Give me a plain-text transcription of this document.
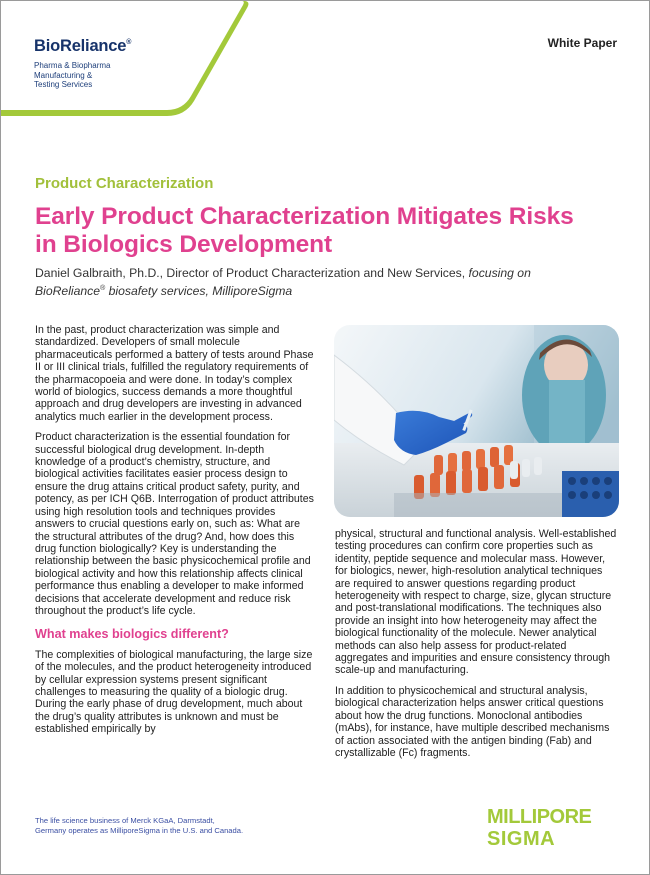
BioReliance®
Pharma & Biopharma
Manufacturing &
Testing Services
White Paper
Product Characterization
Early Product Characterization Mitigates Risks in Biologics Development
Daniel Galbraith, Ph.D., Director of Product Characterization and New Services, focusing on BioReliance® biosafety services, MilliporeSigma

In the past, product characterization was simple and standardized. Developers of small molecule pharmaceuticals performed a battery of tests around Phase II or III clinical trials, fulfilled the regulatory requirements of the pharmacopoeia and were done. In today’s complex world of biologics, success demands a more thoughtful approach and drug developers are investing in advanced analytics much earlier in the development process.

Product characterization is the essential foundation for successful biological drug development. In-depth knowledge of a product’s chemistry, structure, and biological activities facilitates easier process design to ensure the drug attains critical product safety, purity, and potency, as per ICH Q6B. Interrogation of product attributes using high resolution tools and techniques provides answers to crucial questions early on, such as: What are the structural attributes of the drug? And, how does this drug function biologically? Key is understanding the relationship between the basic physicochemical profile and biological activity and how this relationship affects clinical performance thus enabling a developer to make informed decisions that accelerate development and reduce risk throughout the product’s life cycle.

What makes biologics different?

The complexities of biological manufacturing, the large size of the molecules, and the product heterogeneity introduced by cellular expression systems present significant challenges to measuring the quality of a biologic drug. During the early phase of drug development, much about the drug’s quality attributes is unknown and must be established empirically by

physical, structural and functional analysis. Well-established testing procedures can confirm core properties such as identity, peptide sequence and molecular mass. However, for biologics, newer, high-resolution analytical techniques are required to answer questions regarding product heterogeneity with respect to charge, size, glycan structure and post-translational modifications. The techniques also provide an insight into how heterogeneity may affect the biological functionality of the molecule. Newer analytical methods can also help assess for product-related aggregates and impurities and ensure consistency through scale-up and manufacturing.

In addition to physicochemical and structural analysis, biological characterization helps answer critical questions about how the drug functions. Monoclonal antibodies (mAbs), for instance, have multiple described mechanisms of action associated with the antigen binding (Fab) and crystallizable (Fc) fragments.

The life science business of Merck KGaA, Darmstadt, Germany operates as MilliporeSigma in the U.S. and Canada.
MILLIPORE
SIGMA
